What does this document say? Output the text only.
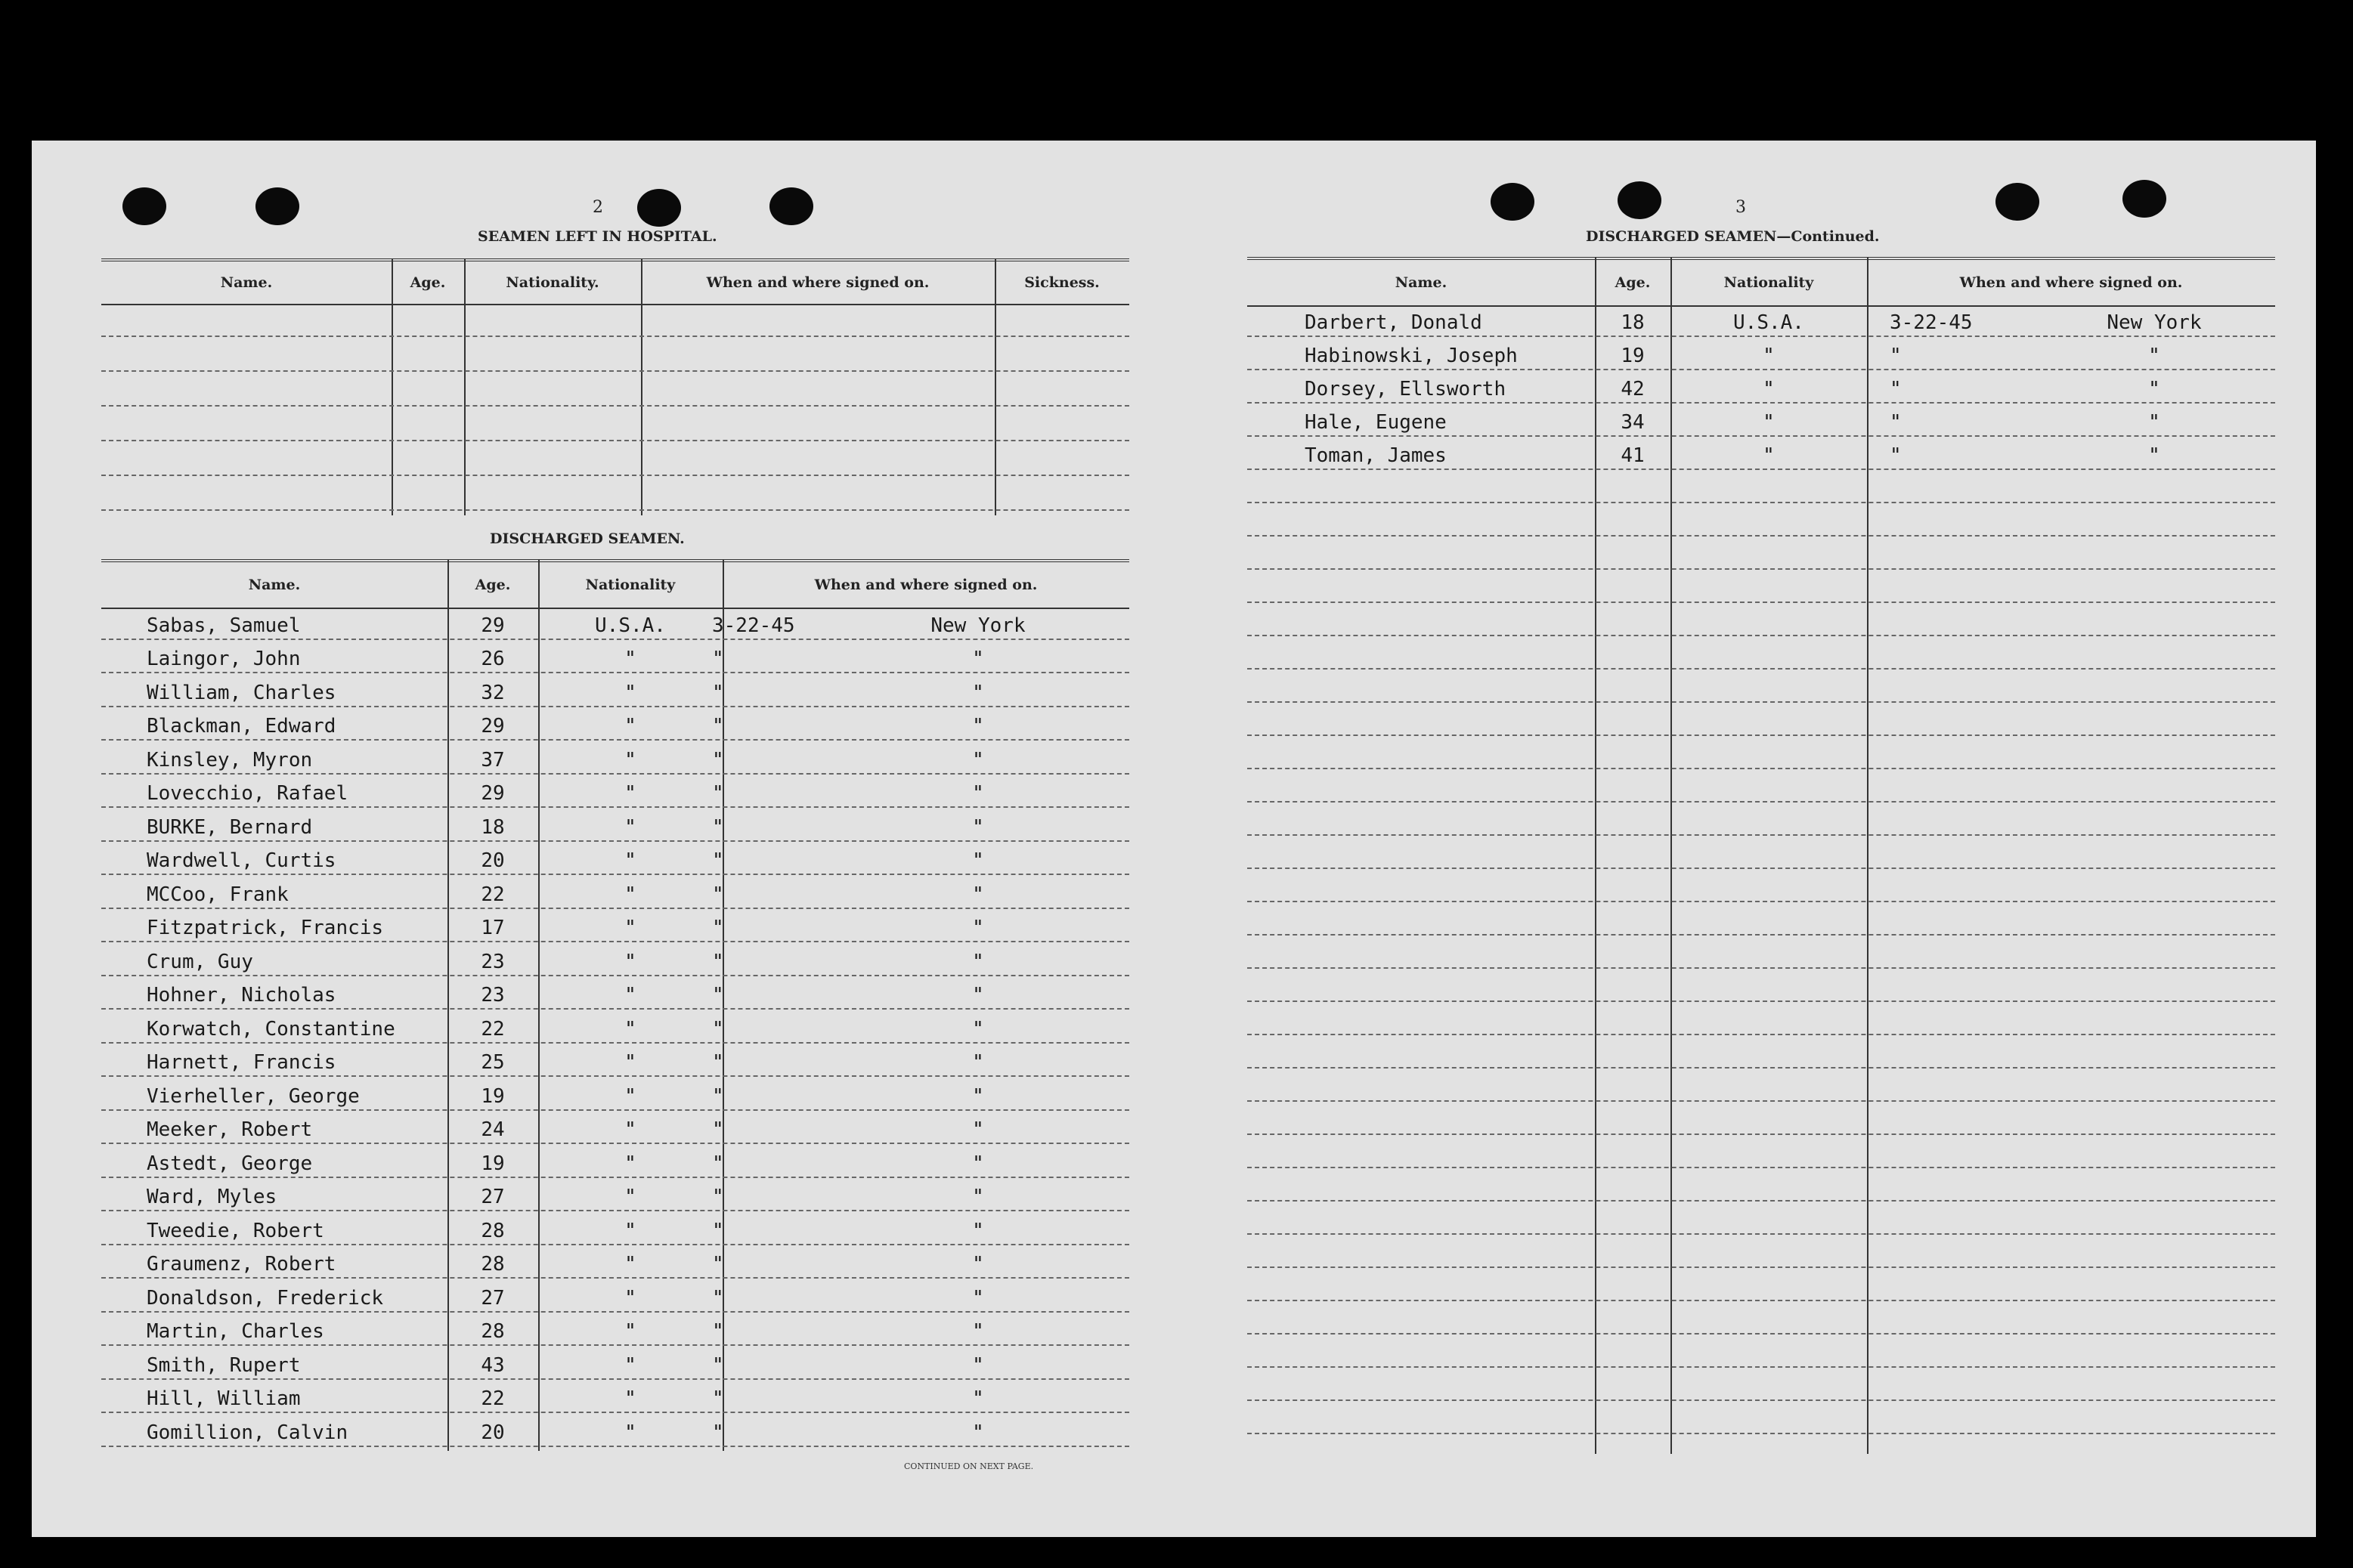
2
SEAMEN LEFT IN HOSPITAL.
Name.	Age.	Nationality.	When and where signed on.	Sickness.
DISCHARGED SEAMEN.
Name.	Age.	Nationality	When and where signed on.
Sabas, Samuel	29	U.S.A.	3-22-45	New York
Laingor, John	26	"	"	"
William, Charles	32	"	"	"
Blackman, Edward	29	"	"	"
Kinsley, Myron	37	"	"	"
Lovecchio, Rafael	29	"	"	"
BURKE, Bernard	18	"	"	"
Wardwell, Curtis	20	"	"	"
MCCoo, Frank	22	"	"	"
Fitzpatrick, Francis	17	"	"	"
Crum, Guy	23	"	"	"
Hohner, Nicholas	23	"	"	"
Korwatch, Constantine	22	"	"	"
Harnett, Francis	25	"	"	"
Vierheller, George	19	"	"	"
Meeker, Robert	24	"	"	"
Astedt, George	19	"	"	"
Ward, Myles	27	"	"	"
Tweedie, Robert	28	"	"	"
Graumenz, Robert	28	"	"	"
Donaldson, Frederick	27	"	"	"
Martin, Charles	28	"	"	"
Smith, Rupert	43	"	"	"
Hill, William	22	"	"	"
Gomillion, Calvin	20	"	"	"
CONTINUED ON NEXT PAGE.
3
DISCHARGED SEAMEN—Continued.
Name.	Age.	Nationality	When and where signed on.
Darbert, Donald	18	U.S.A.	3-22-45	New York
Habinowski, Joseph	19	"	"	"
Dorsey, Ellsworth	42	"	"	"
Hale, Eugene	34	"	"	"
Toman, James	41	"	"	"
